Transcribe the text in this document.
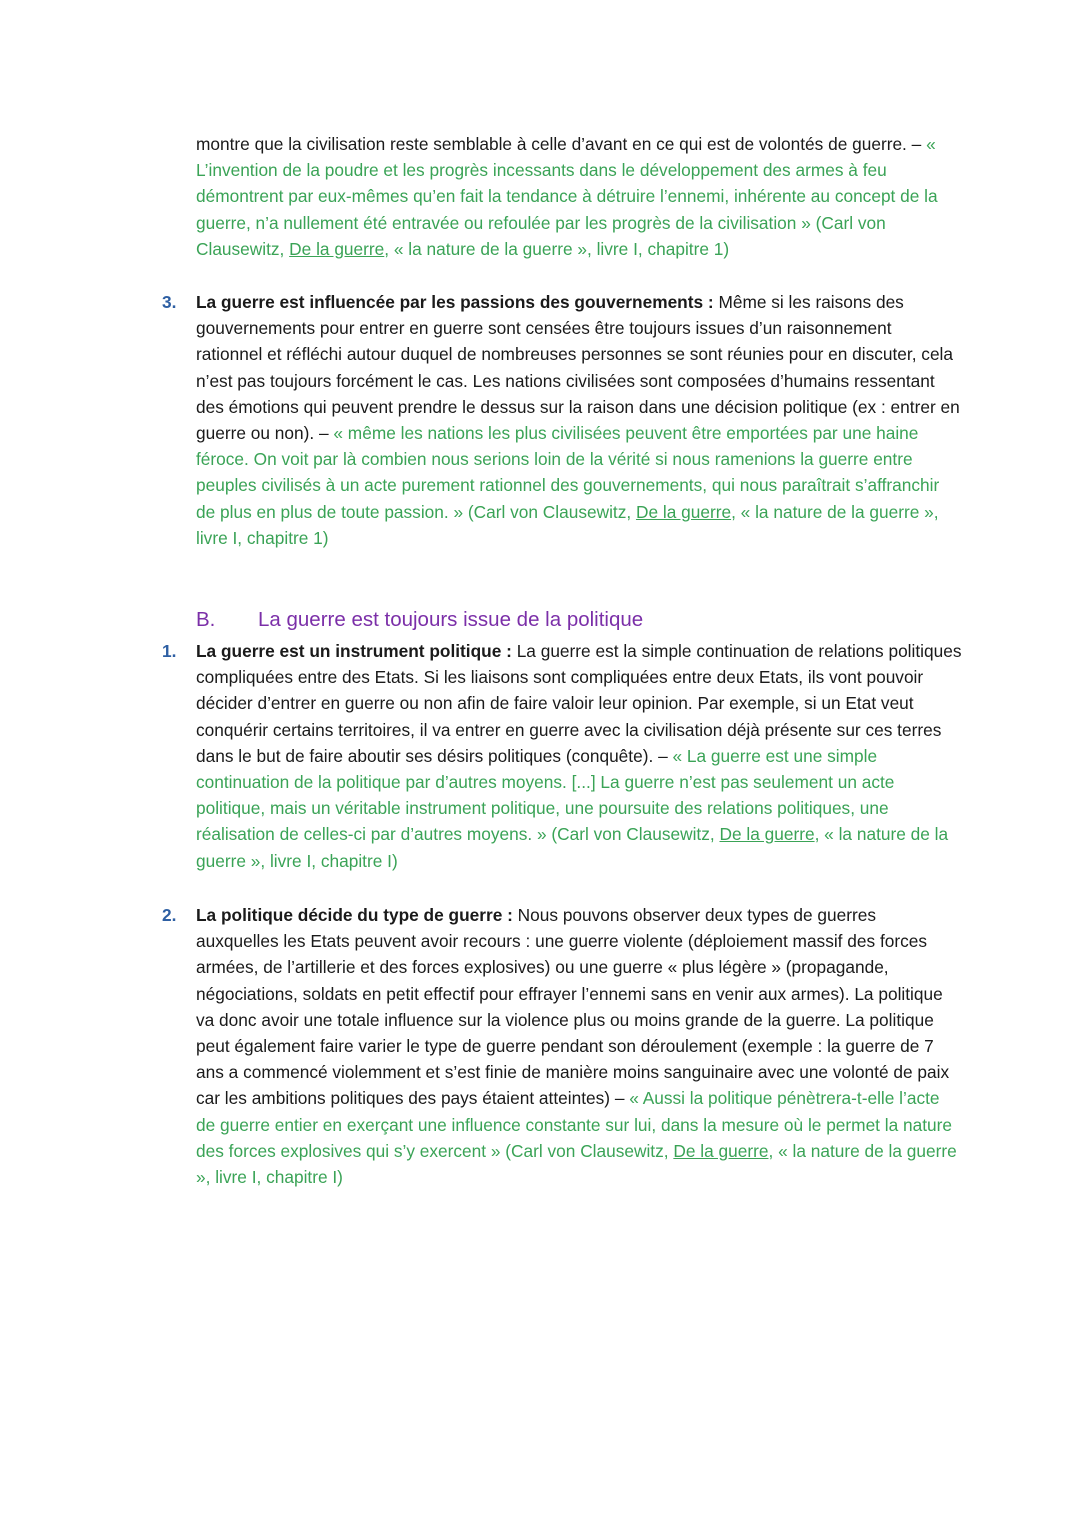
montre que la civilisation reste semblable à celle d’avant en ce qui est de volontés de guerre. – « L’invention de la poudre et les progrès incessants dans le développement des armes à feu démontrent par eux-mêmes qu’en fait la tendance à détruire l’ennemi, inhérente au concept de la guerre, n’a nullement été entravée ou refoulée par les progrès de la civilisation » (Carl von Clausewitz, De la guerre, « la nature de la guerre », livre I, chapitre 1)
3.	La guerre est influencée par les passions des gouvernements : Même si les raisons des gouvernements pour entrer en guerre sont censées être toujours issues d’un raisonnement rationnel et réfléchi autour duquel de nombreuses personnes se sont réunies pour en discuter, cela n’est pas toujours forcément le cas. Les nations civilisées sont composées d’humains ressentant des émotions qui peuvent prendre le dessus sur la raison dans une décision politique (ex : entrer en guerre ou non). – « même les nations les plus civilisées peuvent être emportées par une haine féroce. On voit par là combien nous serions loin de la vérité si nous ramenions la guerre entre peuples civilisés à un acte purement rationnel des gouvernements, qui nous paraîtrait s’affranchir de plus en plus de toute passion. » (Carl von Clausewitz, De la guerre, « la nature de la guerre », livre I, chapitre 1)
B. La guerre est toujours issue de la politique
1.	La guerre est un instrument politique : La guerre est la simple continuation de relations politiques compliquées entre des Etats. Si les liaisons sont compliquées entre deux Etats, ils vont pouvoir décider d’entrer en guerre ou non afin de faire valoir leur opinion. Par exemple, si un Etat veut conquérir certains territoires, il va entrer en guerre avec la civilisation déjà présente sur ces terres dans le but de faire aboutir ses désirs politiques (conquête). – « La guerre est une simple continuation de la politique par d’autres moyens. [...] La guerre n’est pas seulement un acte politique, mais un véritable instrument politique, une poursuite des relations politiques, une réalisation de celles-ci par d’autres moyens. » (Carl von Clausewitz, De la guerre, « la nature de la guerre », livre I, chapitre I)
2.	La politique décide du type de guerre : Nous pouvons observer deux types de guerres auxquelles les Etats peuvent avoir recours : une guerre violente (déploiement massif des forces armées, de l’artillerie et des forces explosives) ou une guerre « plus légère » (propagande, négociations, soldats en petit effectif pour effrayer l’ennemi sans en venir aux armes). La politique va donc avoir une totale influence sur la violence plus ou moins grande de la guerre. La politique peut également faire varier le type de guerre pendant son déroulement (exemple : la guerre de 7 ans a commencé violemment et s’est finie de manière moins sanguinaire avec une volonté de paix car les ambitions politiques des pays étaient atteintes) – « Aussi la politique pénètrera-t-elle l’acte de guerre entier en exerçant une influence constante sur lui, dans la mesure où le permet la nature des forces explosives qui s’y exercent » (Carl von Clausewitz, De la guerre, « la nature de la guerre », livre I, chapitre I)
